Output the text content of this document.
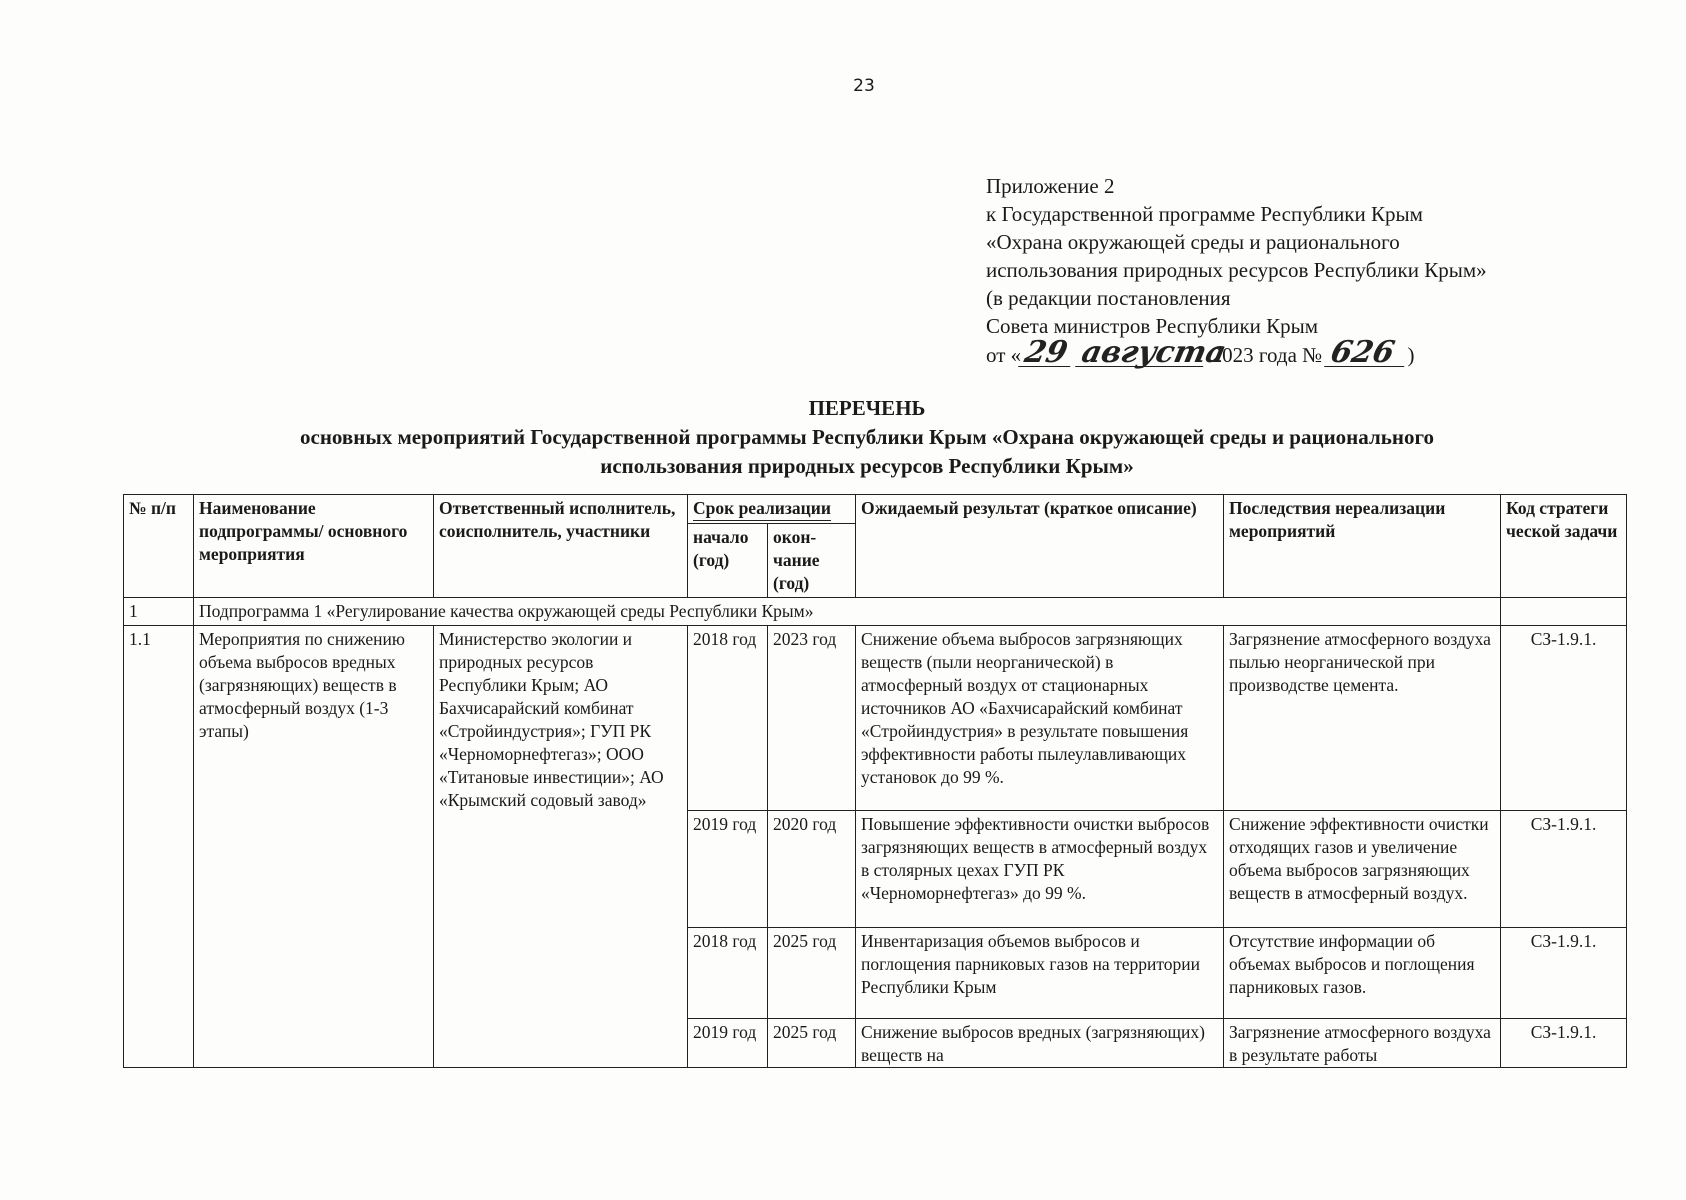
23
Приложение 2
к Государственной программе Республики Крым
«Охрана окружающей среды и рационального
использования природных ресурсов Республики Крым»
(в редакции постановления
Совета министров Республики Крым
от «29 августа 2023 года № 626 )
ПЕРЕЧЕНЬ
основных мероприятий Государственной программы Республики Крым «Охрана окружающей среды и рационального
использования природных ресурсов Республики Крым»
№ п/п	Наименование подпрограммы/ основного мероприятия	Ответственный исполнитель, соисполнитель, участники	Срок реализации		Ожидаемый результат (краткое описание)	Последствия нереализации мероприятий	Код стратеги ческой задачи
			начало (год)	окон-чание (год)			
1	Подпрограмма 1 «Регулирование качества окружающей среды Республики Крым»						
1.1	Мероприятия по снижению объема выбросов вредных (загрязняющих) веществ в атмосферный воздух (1-3 этапы)	Министерство экологии и природных ресурсов Республики Крым; АО Бахчисарайский комбинат «Стройиндустрия»; ГУП РК «Черноморнефтегаз»; ООО «Титановые инвестиции»; АО «Крымский содовый завод»	2018 год	2023 год	Снижение объема выбросов загрязняющих веществ (пыли неорганической) в атмосферный воздух от стационарных источников АО «Бахчисарайский комбинат «Стройиндустрия» в результате повышения эффективности работы пылеулавливающих установок до 99 %.	Загрязнение атмосферного воздуха пылью неорганической при производстве цемента.	СЗ-1.9.1.
			2019 год	2020 год	Повышение эффективности очистки выбросов загрязняющих веществ в атмосферный воздух в столярных цехах ГУП РК «Черноморнефтегаз» до 99 %.	Снижение эффективности очистки отходящих газов и увеличение объема выбросов загрязняющих веществ в атмосферный воздух.	СЗ-1.9.1.
			2018 год	2025 год	Инвентаризация объемов выбросов и поглощения парниковых газов на территории Республики Крым	Отсутствие информации об объемах выбросов и поглощения парниковых газов.	СЗ-1.9.1.

			2019 год	2025 год	Снижение выбросов вредных (загрязняющих) веществ на	Загрязнение атмосферного воздуха в результате работы	СЗ-1.9.1.
